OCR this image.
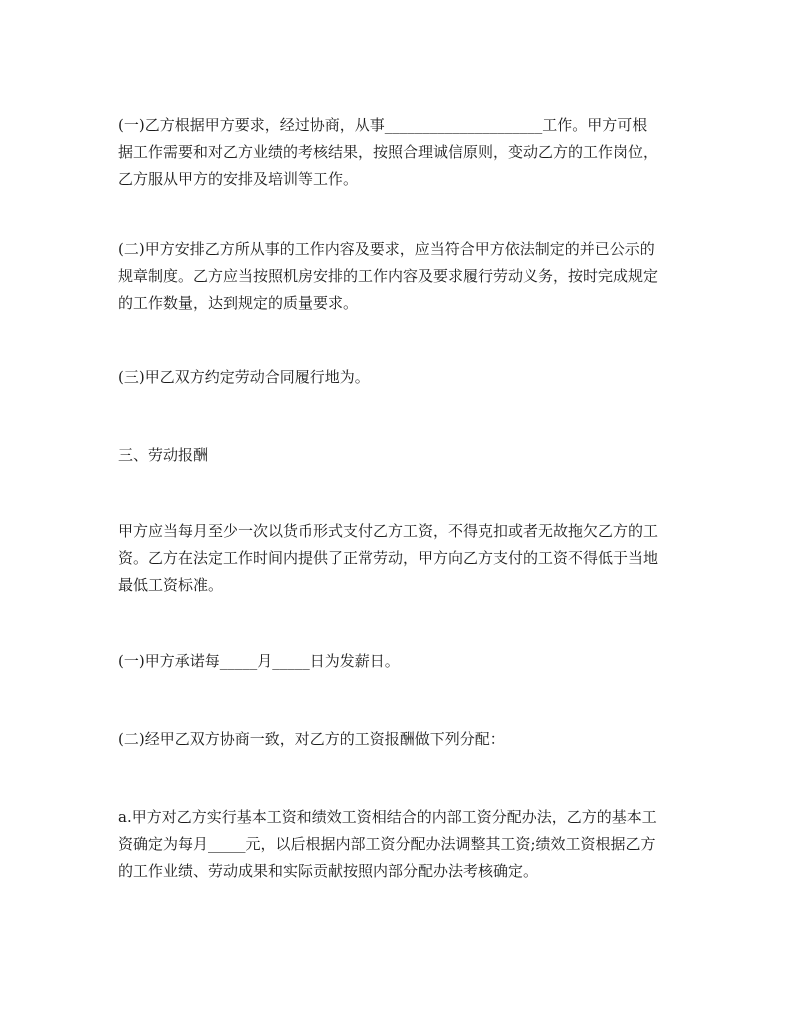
(一)乙方根据甲方要求，经过协商，从事_____________________工作。甲方可根
据工作需要和对乙方业绩的考核结果，按照合理诚信原则，变动乙方的工作岗位，
乙方服从甲方的安排及培训等工作。
(二)甲方安排乙方所从事的工作内容及要求，应当符合甲方依法制定的并已公示的
规章制度。乙方应当按照机房安排的工作内容及要求履行劳动义务，按时完成规定
的工作数量，达到规定的质量要求。
(三)甲乙双方约定劳动合同履行地为。
三、劳动报酬
甲方应当每月至少一次以货币形式支付乙方工资，不得克扣或者无故拖欠乙方的工
资。乙方在法定工作时间内提供了正常劳动，甲方向乙方支付的工资不得低于当地
最低工资标准。
(一)甲方承诺每_____月_____日为发薪日。
(二)经甲乙双方协商一致，对乙方的工资报酬做下列分配：
a.甲方对乙方实行基本工资和绩效工资相结合的内部工资分配办法，乙方的基本工
资确定为每月_____元，以后根据内部工资分配办法调整其工资;绩效工资根据乙方
的工作业绩、劳动成果和实际贡献按照内部分配办法考核确定。
